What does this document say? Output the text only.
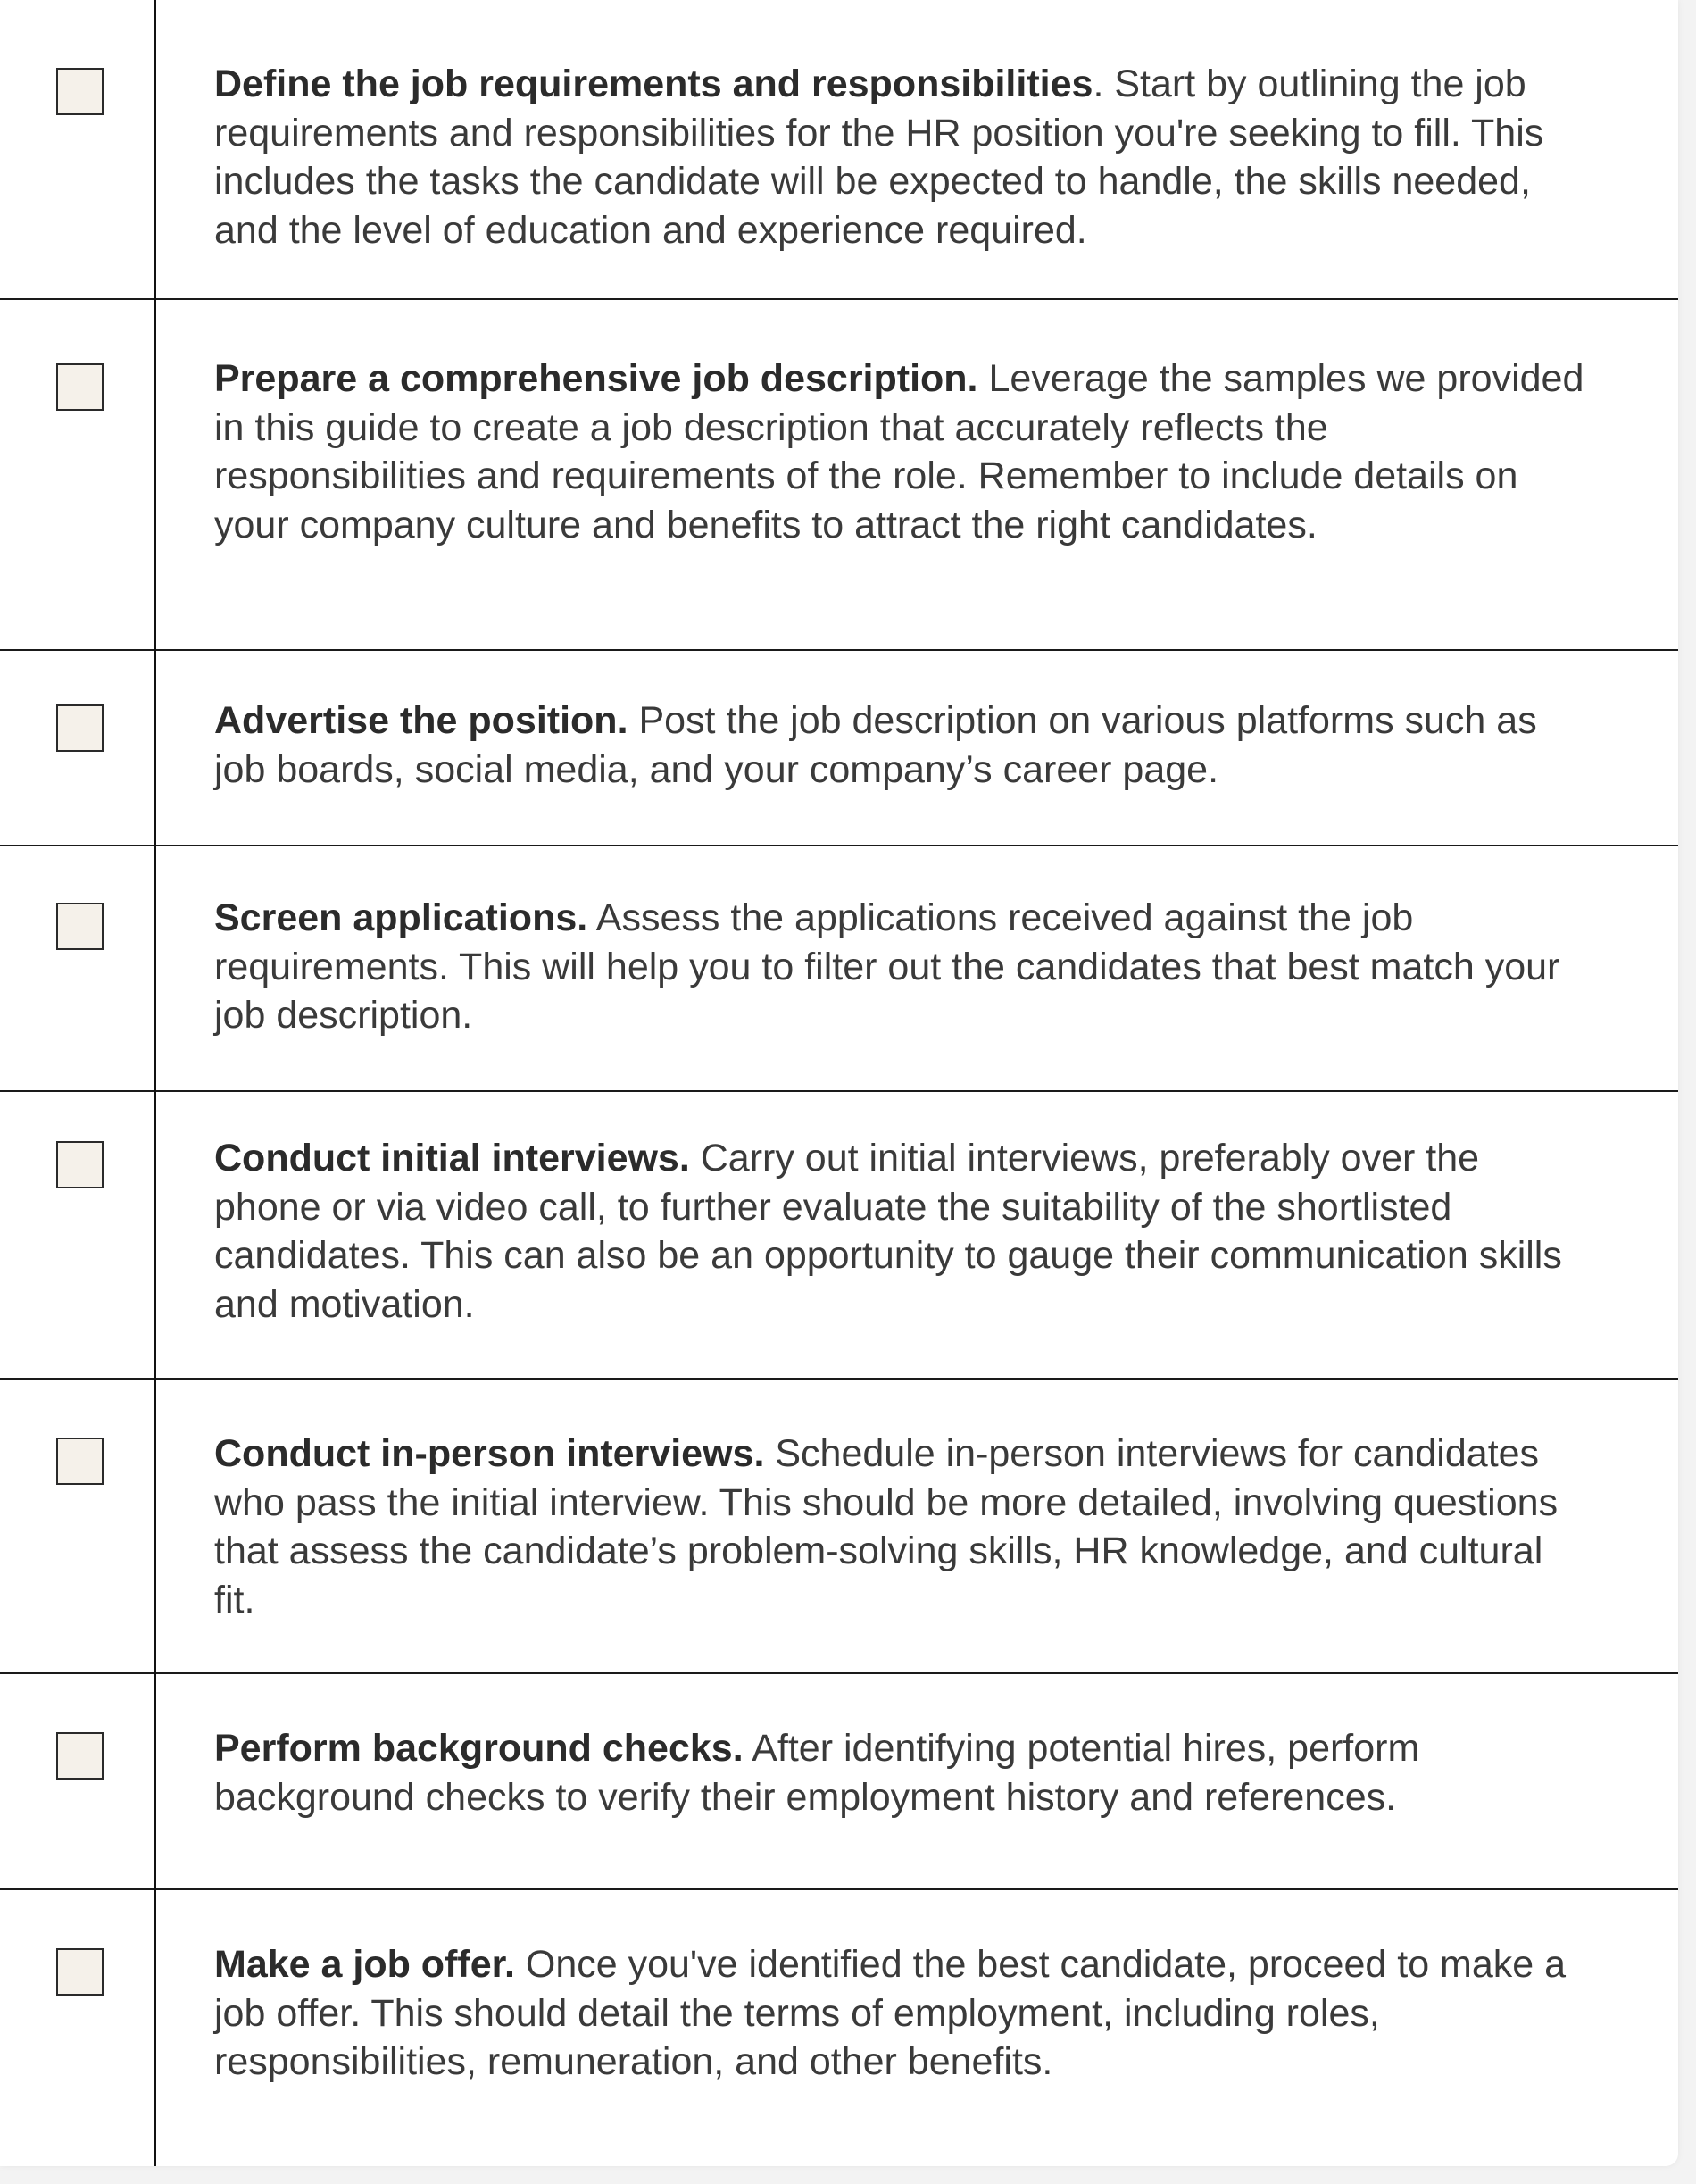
Define the job requirements and responsibilities. Start by outlining the job requirements and responsibilities for the HR position you're seeking to fill. This includes the tasks the candidate will be expected to handle, the skills needed, and the level of education and experience required.

Prepare a comprehensive job description. Leverage the samples we provided in this guide to create a job description that accurately reflects the responsibilities and requirements of the role. Remember to include details on your company culture and benefits to attract the right candidates.

Advertise the position. Post the job description on various platforms such as job boards, social media, and your company’s career page.

Screen applications. Assess the applications received against the job requirements. This will help you to filter out the candidates that best match your job description.

Conduct initial interviews. Carry out initial interviews, preferably over the phone or via video call, to further evaluate the suitability of the shortlisted candidates. This can also be an opportunity to gauge their communication skills and motivation.

Conduct in-person interviews. Schedule in-person interviews for candidates who pass the initial interview. This should be more detailed, involving questions that assess the candidate’s problem-solving skills, HR knowledge, and cultural fit.

Perform background checks. After identifying potential hires, perform background checks to verify their employment history and references.

Make a job offer. Once you've identified the best candidate, proceed to make a job offer. This should detail the terms of employment, including roles, responsibilities, remuneration, and other benefits.
